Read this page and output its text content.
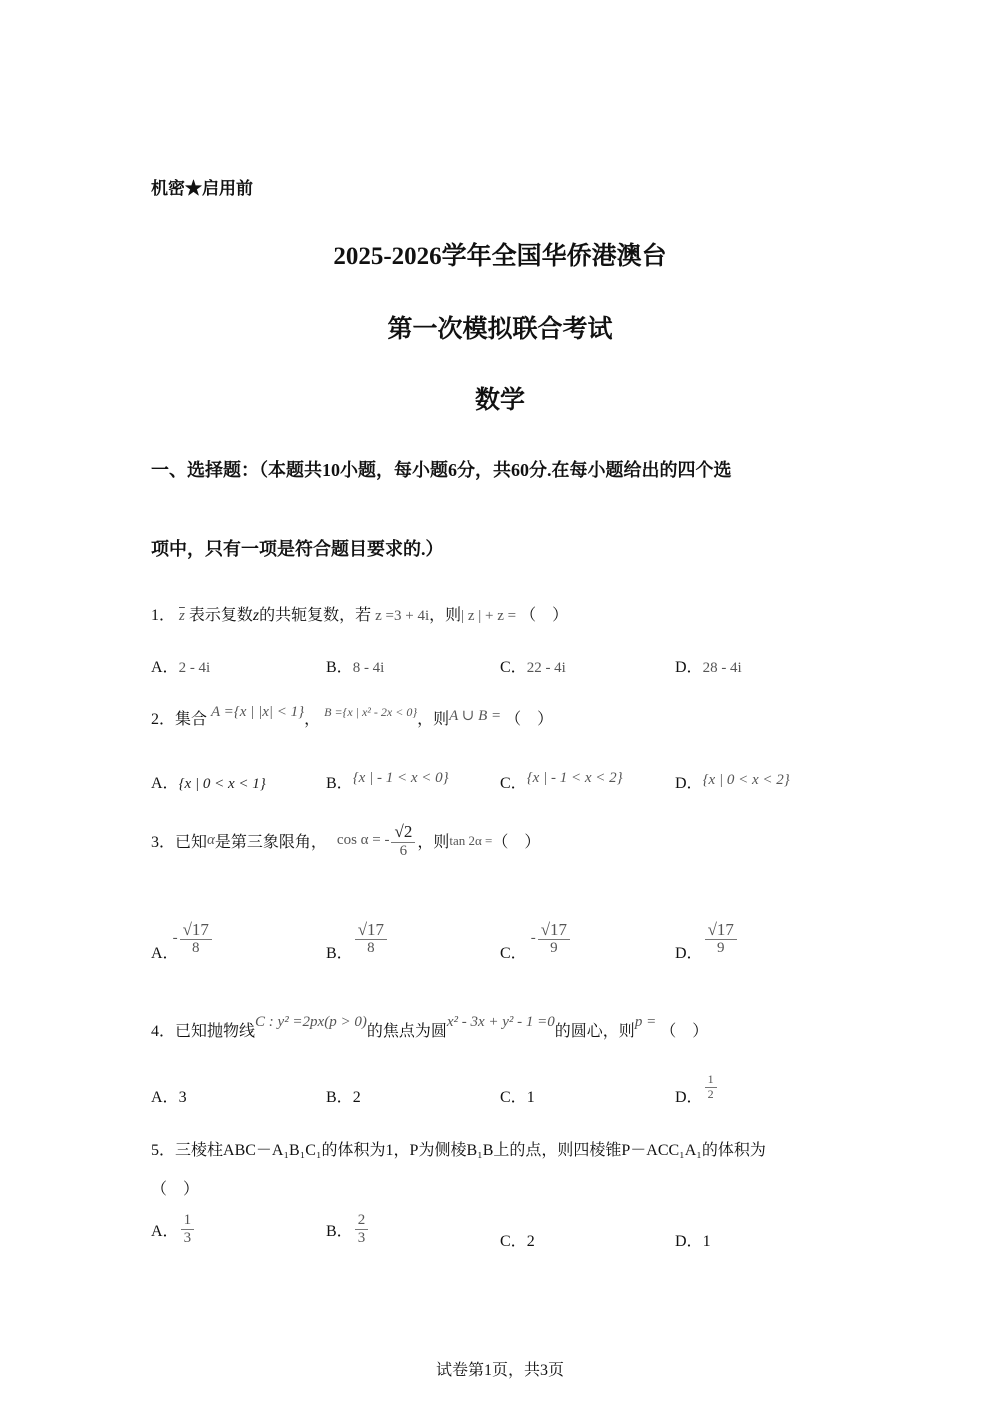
机密★启用前
2025-2026学年全国华侨港澳台
第一次模拟联合考试
数学
一、选择题：（本题共10小题，每小题6分，共60分.在每小题给出的四个选
项中，只有一项是符合题目要求的.）
1． $\overline{z}$ 表示复数z的共轭复数，若 z =3 + 4i，则| z | + z = （　）
A．2 - 4i	B．8 - 4i	C．22 - 4i	D．28 - 4i
2．集合 A ={x | |x| < 1}， $^{B =\{x | x^2 - 2x < 0\}}$，则A ∪ B = （　）
A．{x | 0 < x < 1}	B．{x | - 1 < x < 0}	C．{x | - 1 < x < 2}	D．{x | 0 < x < 2}
3． 已知 α 是第三象限角， cos α = - $\frac{√2}{6}$ ，则 tan 2α = （　）
A．
- $\frac{√17}{8}$	B． $\frac{√17}{8}$	C．
- $\frac{√17}{9}$	D． $\frac{√17}{9}$
4．已知抛物线C : y² =2px(p > 0)的焦点为圆x² - 3x + y² - 1 =0的圆心，则p = （　）
A．3	B．2	C．1	D． $\frac{1}{2}$
5．三棱柱ABC－A₁B₁C₁的体积为1，P为侧棱B₁B上的点，则四棱锥P－ACC₁A₁的体积为
（　）
A． $\frac{1}{3}$	B． $\frac{2}{3}$	C．2	D．1
试卷第1页，共3页
